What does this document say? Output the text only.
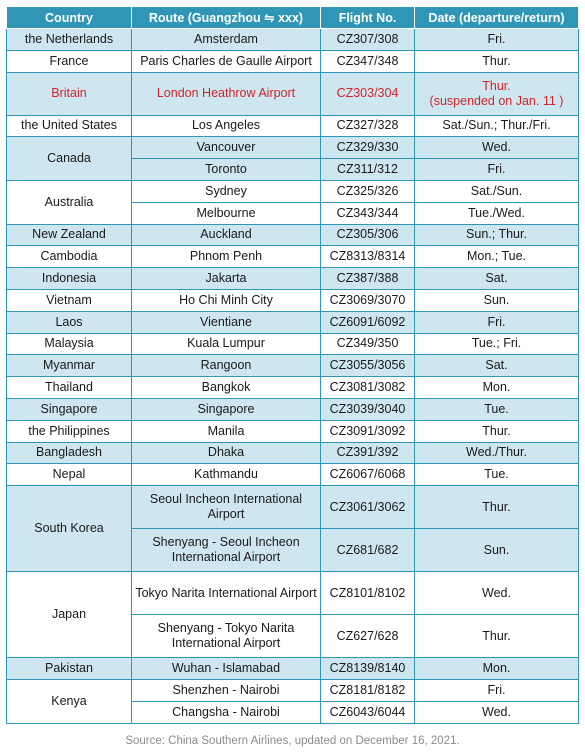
Country	Route (Guangzhou ⇋ xxx)	Flight No.	Date (departure/return)
the Netherlands	Amsterdam	CZ307/308	Fri.
France	Paris Charles de Gaulle Airport	CZ347/348	Thur.
Britain	London Heathrow Airport	CZ303/304	Thur.
(suspended on Jan. 11 )

the United States	Los Angeles	CZ327/328	Sat./Sun.; Thur./Fri.
Canada	Vancouver	CZ329/330	Wed.
	Toronto	CZ311/312	Fri.
Australia	Sydney	CZ325/326	Sat./Sun.
	Melbourne	CZ343/344	Tue./Wed.
New Zealand	Auckland	CZ305/306	Sun.; Thur.
Cambodia	Phnom Penh	CZ8313/8314	Mon.; Tue.
Indonesia	Jakarta	CZ387/388	Sat.
Vietnam	Ho Chi Minh City	CZ3069/3070	Sun.
Laos	Vientiane	CZ6091/6092	Fri.
Malaysia	Kuala Lumpur	CZ349/350	Tue.; Fri.
Myanmar	Rangoon	CZ3055/3056	Sat.
Thailand	Bangkok	CZ3081/3082	Mon.
Singapore	Singapore	CZ3039/3040	Tue.
the Philippines	Manila	CZ3091/3092	Thur.
Bangladesh	Dhaka	CZ391/392	Wed./Thur.
Nepal	Kathmandu	CZ6067/6068	Tue.
South Korea	Seoul Incheon International Airport	CZ3061/3062	Thur.
	Shenyang - Seoul Incheon International Airport	CZ681/682	Sun.
Japan	Tokyo Narita International Airport	CZ8101/8102	Wed.
	Shenyang - Tokyo Narita International Airport	CZ627/628	Thur.
Pakistan	Wuhan - Islamabad	CZ8139/8140	Mon.
Kenya	Shenzhen - Nairobi	CZ8181/8182	Fri.
	Changsha - Nairobi	CZ6043/6044	Wed.
Source: China Southern Airlines, updated on December 16, 2021.
